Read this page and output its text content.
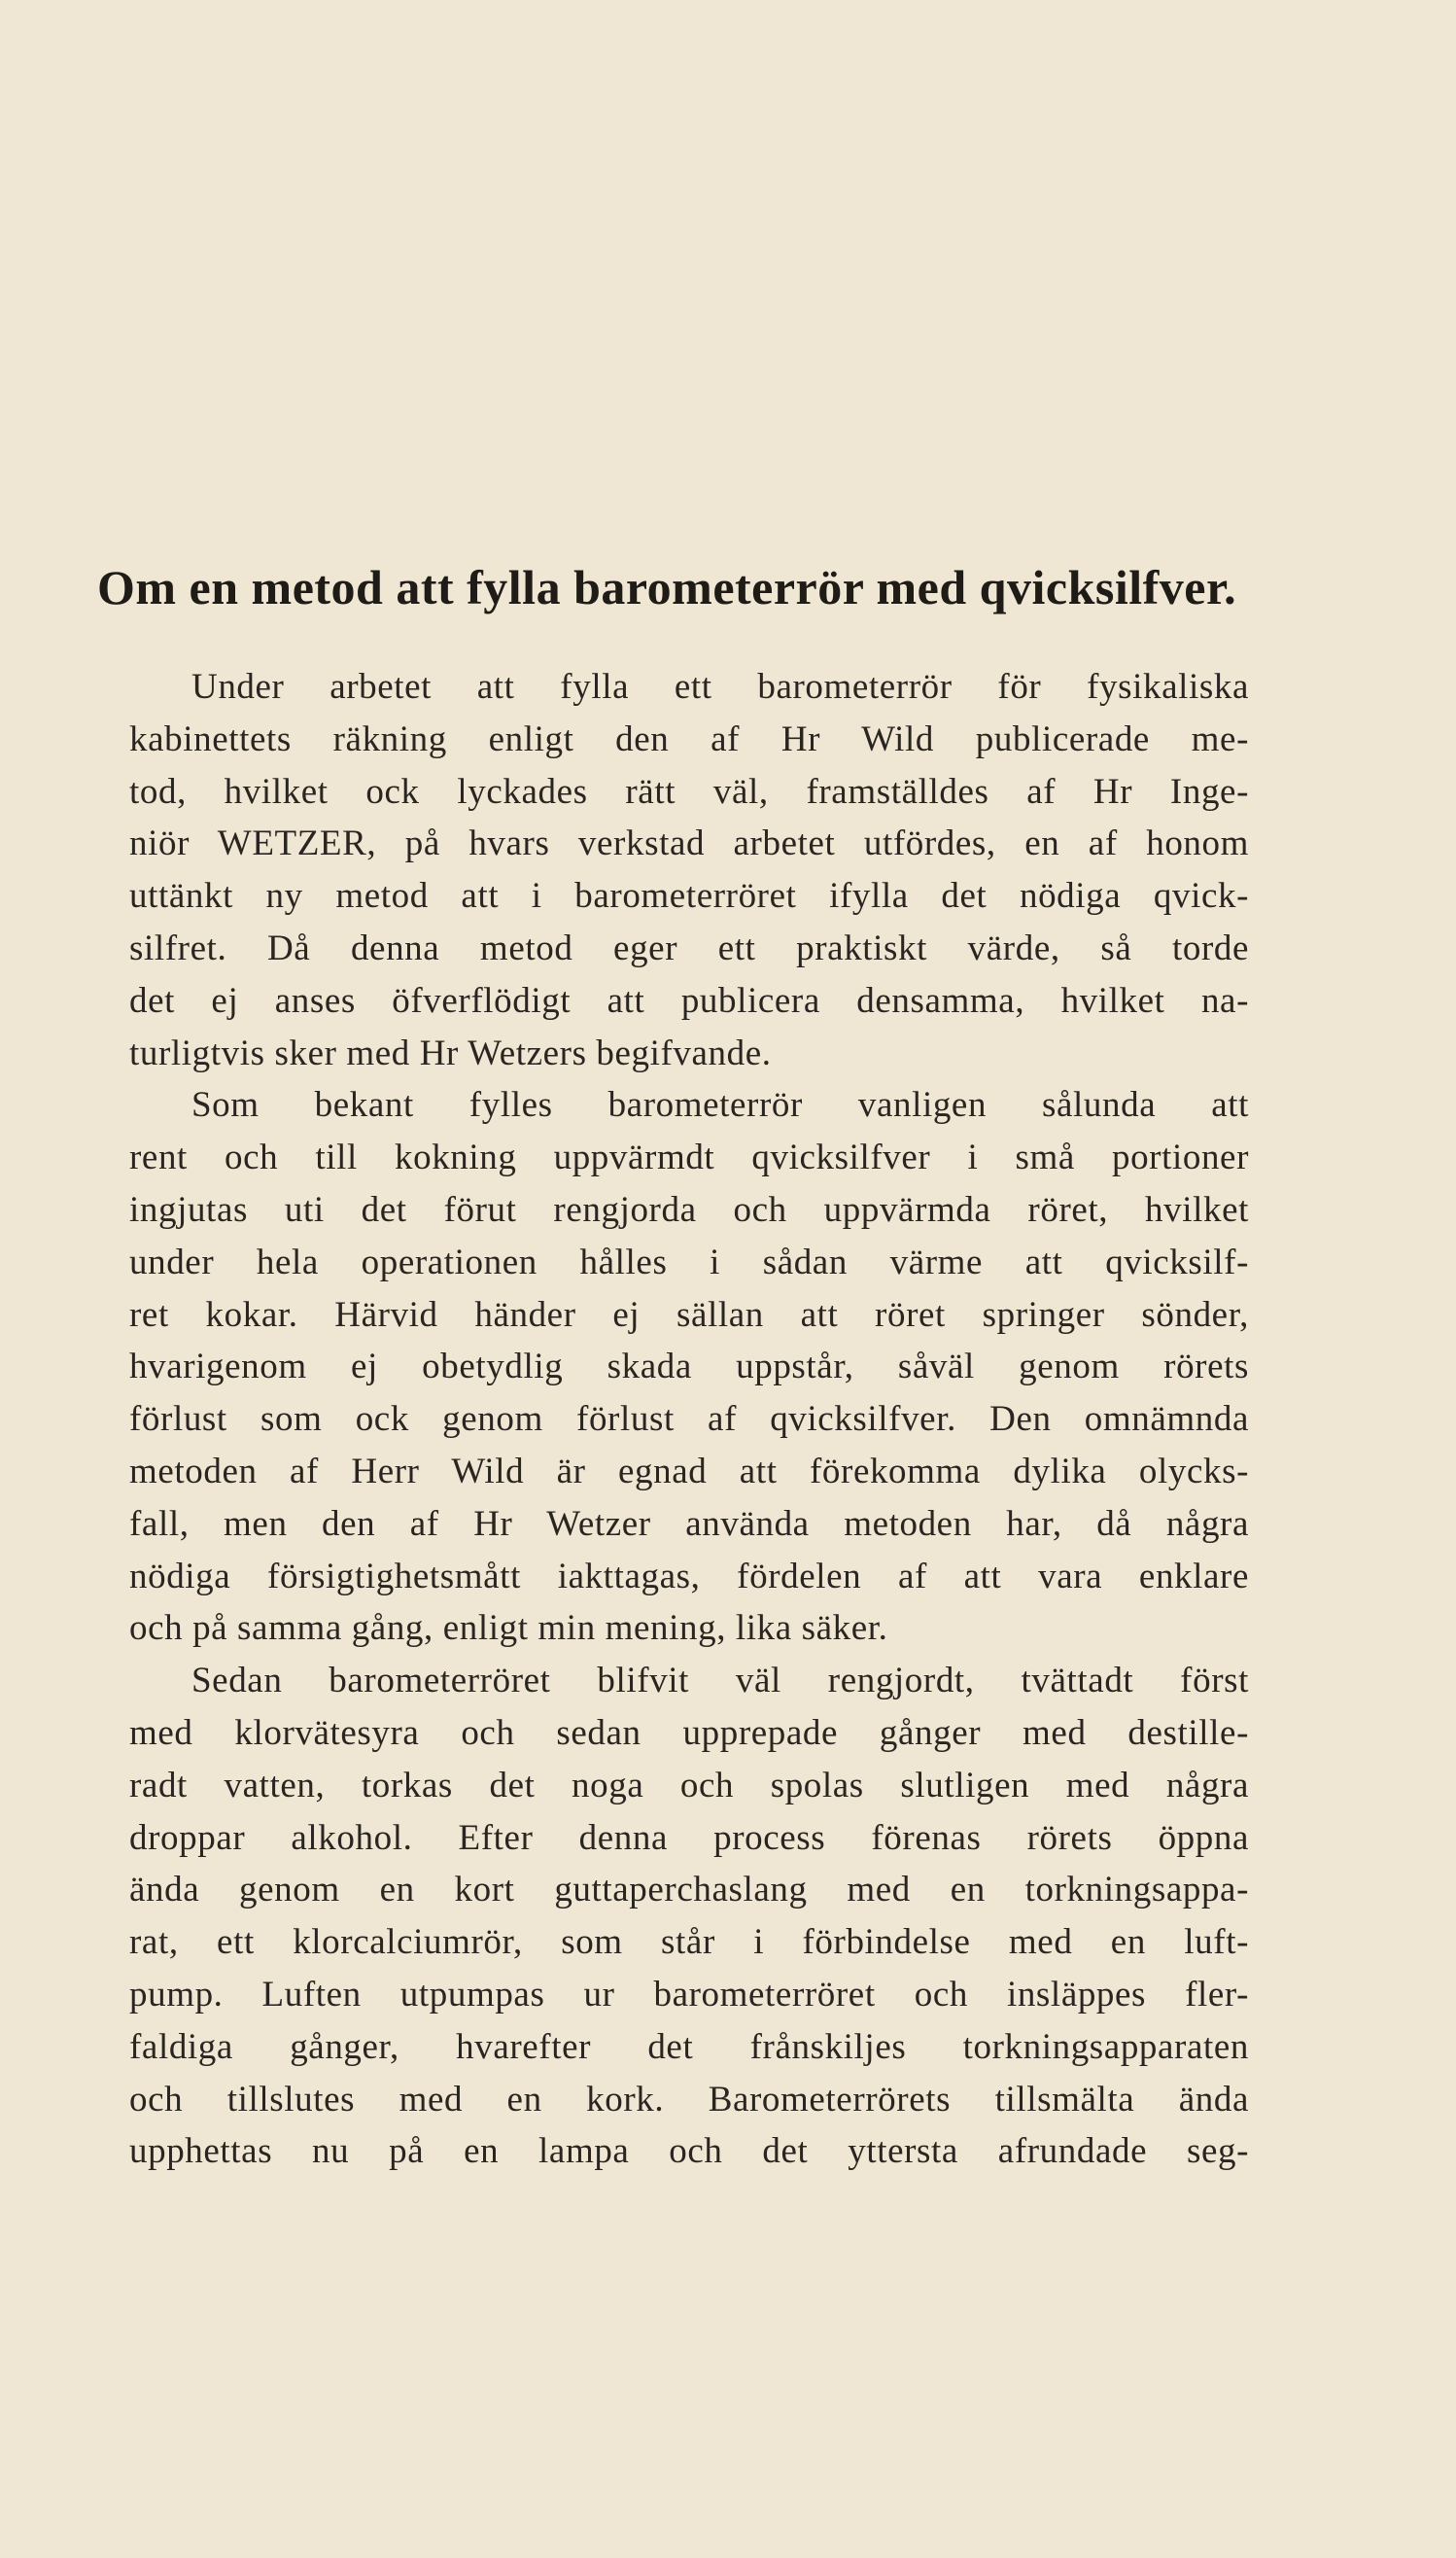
Om en metod att fylla barometerrör med qvicksilfver.
Under arbetet att fylla ett barometerrör för fysikaliska
kabinettets räkning enligt den af Hr Wild publicerade me-
tod, hvilket ock lyckades rätt väl, framställdes af Hr Inge-
niör WETZER, på hvars verkstad arbetet utfördes, en af honom
uttänkt ny metod att i barometerröret ifylla det nödiga qvick-
silfret. Då denna metod eger ett praktiskt värde, så torde
det ej anses öfverflödigt att publicera densamma, hvilket na-
turligtvis sker med Hr Wetzers begifvande.
Som bekant fylles barometerrör vanligen sålunda att
rent och till kokning uppvärmdt qvicksilfver i små portioner
ingjutas uti det förut rengjorda och uppvärmda röret, hvilket
under hela operationen hålles i sådan värme att qvicksilf-
ret kokar. Härvid händer ej sällan att röret springer sönder,
hvarigenom ej obetydlig skada uppstår, såväl genom rörets
förlust som ock genom förlust af qvicksilfver. Den omnämnda
metoden af Herr Wild är egnad att förekomma dylika olycks-
fall, men den af Hr Wetzer använda metoden har, då några
nödiga försigtighetsmått iakttagas, fördelen af att vara enklare
och på samma gång, enligt min mening, lika säker.
Sedan barometerröret blifvit väl rengjordt, tvättadt först
med klorvätesyra och sedan upprepade gånger med destille-
radt vatten, torkas det noga och spolas slutligen med några
droppar alkohol. Efter denna process förenas rörets öppna
ända genom en kort guttaperchaslang med en torkningsappa-
rat, ett klorcalciumrör, som står i förbindelse med en luft-
pump. Luften utpumpas ur barometerröret och insläppes fler-
faldiga gånger, hvarefter det frånskiljes torkningsapparaten
och tillslutes med en kork. Barometerrörets tillsmälta ända
upphettas nu på en lampa och det yttersta afrundade seg-
